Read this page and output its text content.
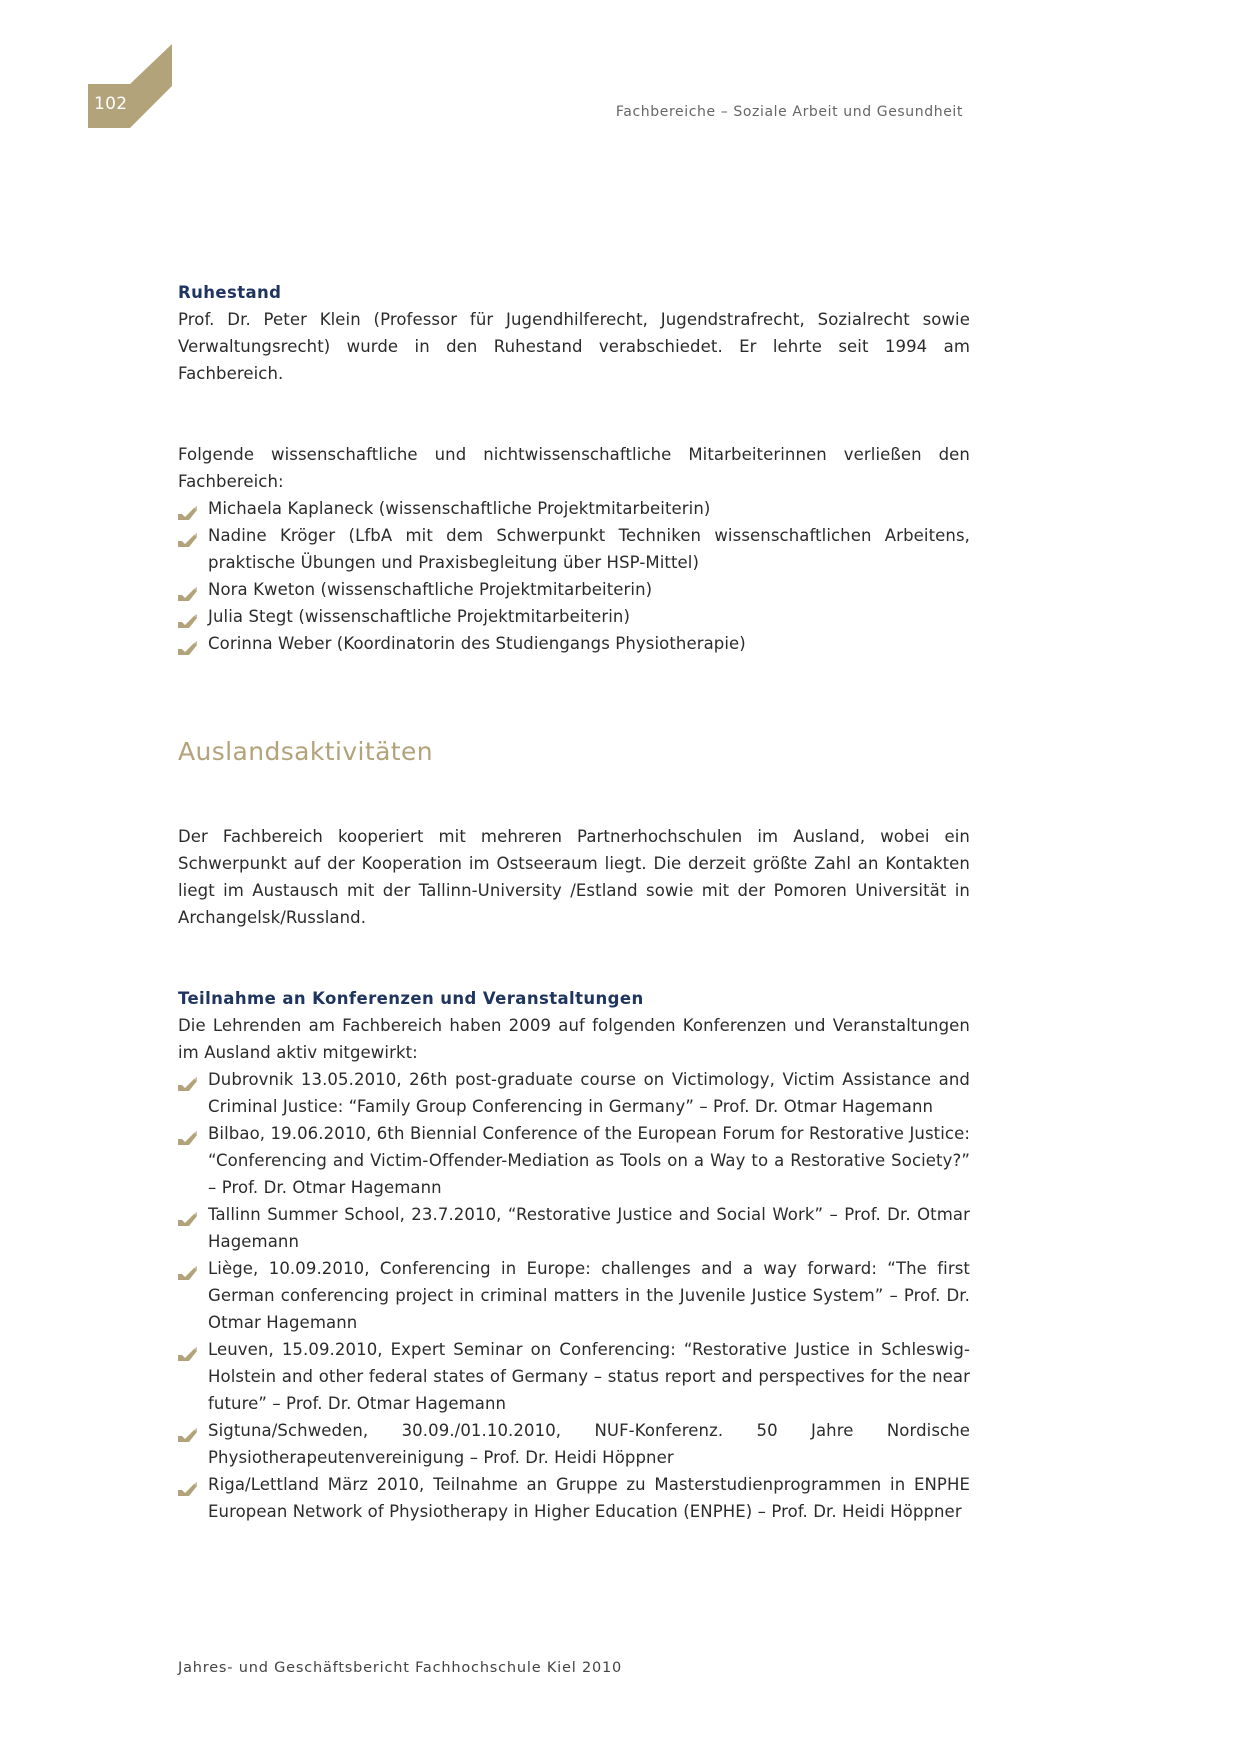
102	Fachbereiche – Soziale Arbeit und Gesundheit
Ruhestand

Prof. Dr. Peter Klein (Professor für Jugendhilferecht, Jugendstrafrecht, Sozialrecht sowie Verwaltungsrecht) wurde in den Ruhestand verabschiedet. Er lehrte seit 1994 am Fachbereich.

Folgende wissenschaftliche und nichtwissenschaftliche Mitarbeiterinnen verließen den Fachbereich:

Michaela Kaplaneck (wissenschaftliche Projektmitarbeiterin)
Nadine Kröger (LfbA mit dem Schwerpunkt Techniken wissenschaftlichen Arbeitens, praktische Übungen und Praxisbegleitung über HSP-Mittel)
Nora Kweton (wissenschaftliche Projektmitarbeiterin)
Julia Stegt (wissenschaftliche Projektmitarbeiterin)
Corinna Weber (Koordinatorin des Studiengangs Physiotherapie)
Auslandsaktivitäten

Der Fachbereich kooperiert mit mehreren Partnerhochschulen im Ausland, wobei ein Schwerpunkt auf der Kooperation im Ostseeraum liegt. Die derzeit größte Zahl an Kontakten liegt im Austausch mit der Tallinn-University /Estland sowie mit der Pomoren Universität in Archangelsk/Russland.

Teilnahme an Konferenzen und Veranstaltungen

Die Lehrenden am Fachbereich haben 2009 auf folgenden Konferenzen und Veranstaltungen im Ausland aktiv mitgewirkt:

Dubrovnik 13.05.2010, 26th post-graduate course on Victimology, Victim Assistance and Criminal Justice: “Family Group Conferencing in Germany” – Prof. Dr. Otmar Hagemann
Bilbao, 19.06.2010, 6th Biennial Conference of the European Forum for Restorative Justice: “Conferencing and Victim-Offender-Mediation as Tools on a Way to a Restorative Society?” – Prof. Dr. Otmar Hagemann
Tallinn Summer School, 23.7.2010, “Restorative Justice and Social Work” – Prof. Dr. Otmar Hagemann
Liège, 10.09.2010, Conferencing in Europe: challenges and a way forward: “The first German conferencing project in criminal matters in the Juvenile Justice System” – Prof. Dr. Otmar Hagemann
Leuven, 15.09.2010, Expert Seminar on Conferencing: “Restorative Justice in Schleswig-Holstein and other federal states of Germany – status report and perspectives for the near future” – Prof. Dr. Otmar Hagemann
Sigtuna/Schweden, 30.09./01.10.2010, NUF-Konferenz. 50 Jahre Nordische Physiotherapeutenvereinigung – Prof. Dr. Heidi Höppner
Riga/Lettland März 2010, Teilnahme an Gruppe zu Masterstudienprogrammen in ENPHE European Network of Physiotherapy in Higher Education (ENPHE) – Prof. Dr. Heidi Höppner
Jahres- und Geschäftsbericht Fachhochschule Kiel 2010
